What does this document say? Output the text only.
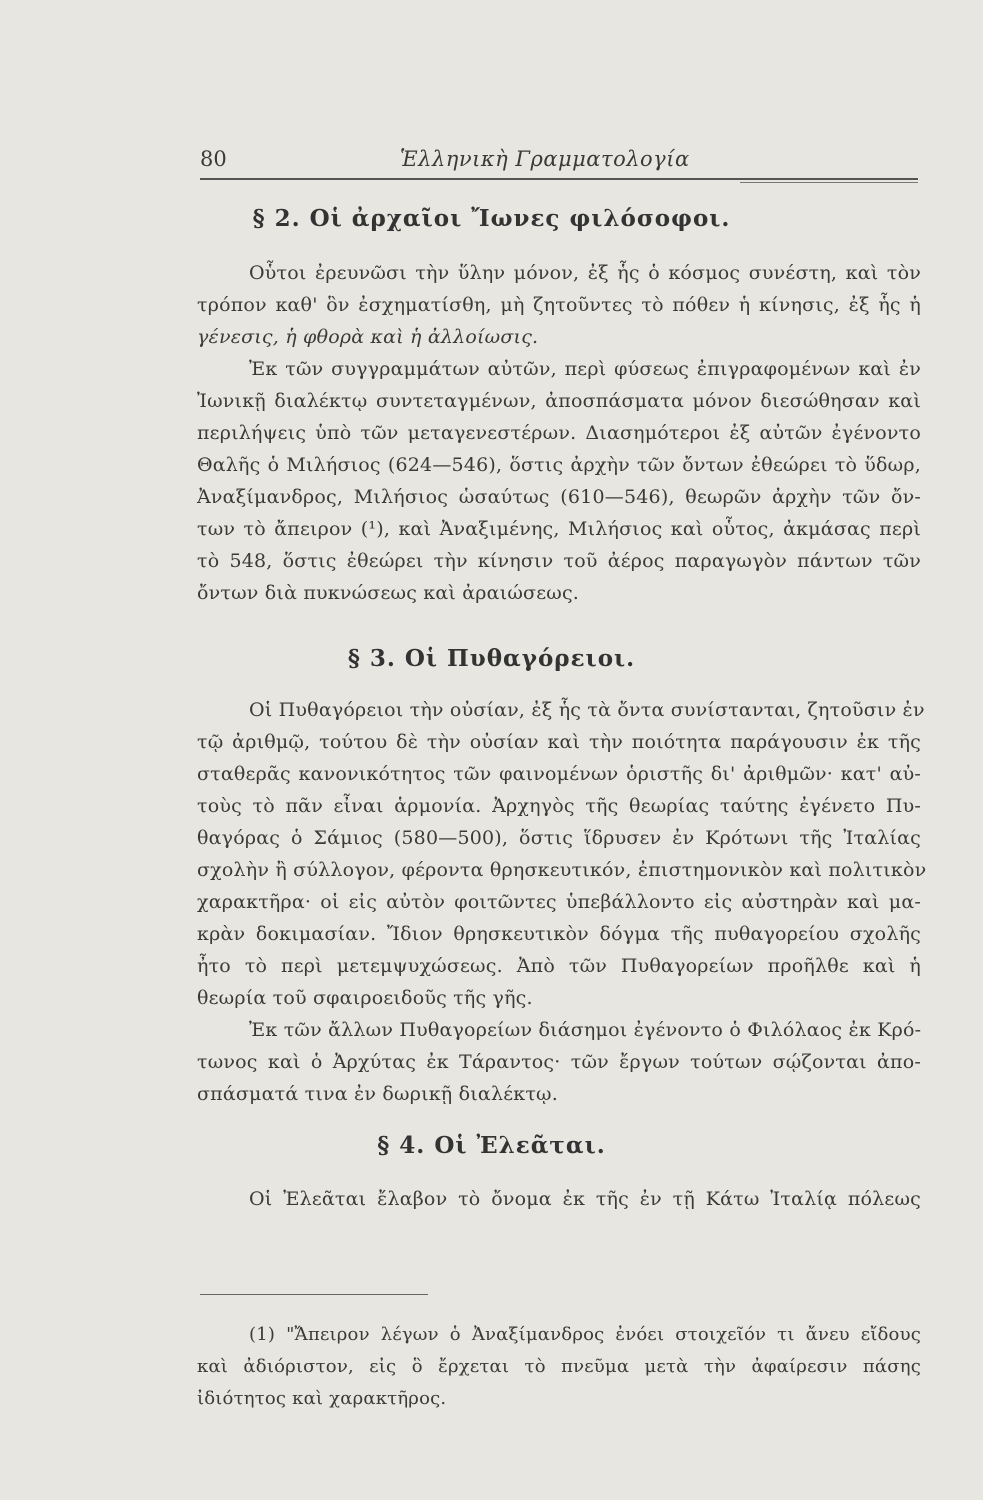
80	Ἑλληνικὴ Γραμματολογία
§ 2. Οἱ ἀρχαῖοι Ἴωνες φιλόσοφοι.
Οὗτοι ἐρευνῶσι τὴν ὕλην μόνον, ἐξ ἧς ὁ κόσμος συνέστη, καὶ τὸν
τρόπον καθ' ὃν ἐσχηματίσθη, μὴ ζητοῦντες τὸ πόθεν ἡ κίνησις, ἐξ ἧς ἡ
γένεσις, ἡ φθορὰ καὶ ἡ ἀλλοίωσις.
Ἐκ τῶν συγγραμμάτων αὐτῶν, περὶ φύσεως ἐπιγραφομένων καὶ ἐν
Ἰωνικῇ διαλέκτῳ συντεταγμένων, ἀποσπάσματα μόνον διεσώθησαν καὶ
περιλήψεις ὑπὸ τῶν μεταγενεστέρων. Διασημότεροι ἐξ αὐτῶν ἐγένοντο
Θαλῆς ὁ Μιλήσιος (624—546), ὅστις ἀρχὴν τῶν ὄντων ἐθεώρει τὸ ὕδωρ,
Ἀναξίμανδρος, Μιλήσιος ὡσαύτως (610—546), θεωρῶν ἀρχὴν τῶν ὄν-
των τὸ ἄπειρον (¹), καὶ Ἀναξιμένης, Μιλήσιος καὶ οὗτος, ἀκμάσας περὶ
τὸ 548, ὅστις ἐθεώρει τὴν κίνησιν τοῦ ἀέρος παραγωγὸν πάντων τῶν
ὄντων διὰ πυκνώσεως καὶ ἀραιώσεως.
§ 3. Οἱ Πυθαγόρειοι.
Οἱ Πυθαγόρειοι τὴν οὐσίαν, ἐξ ἧς τὰ ὄντα συνίστανται, ζητοῦσιν ἐν
τῷ ἀριθμῷ, τούτου δὲ τὴν οὐσίαν καὶ τὴν ποιότητα παράγουσιν ἐκ τῆς
σταθερᾶς κανονικότητος τῶν φαινομένων ὁριστῆς δι' ἀριθμῶν· κατ' αὐ-
τοὺς τὸ πᾶν εἶναι ἁρμονία. Ἀρχηγὸς τῆς θεωρίας ταύτης ἐγένετο Πυ-
θαγόρας ὁ Σάμιος (580—500), ὅστις ἵδρυσεν ἐν Κρότωνι τῆς Ἰταλίας
σχολὴν ἢ σύλλογον, φέροντα θρησκευτικόν, ἐπιστημονικὸν καὶ πολιτικὸν
χαρακτῆρα· οἱ εἰς αὐτὸν φοιτῶντες ὑπεβάλλοντο εἰς αὐστηρὰν καὶ μα-
κρὰν δοκιμασίαν. Ἴδιον θρησκευτικὸν δόγμα τῆς πυθαγορείου σχολῆς
ἦτο τὸ περὶ μετεμψυχώσεως. Ἀπὸ τῶν Πυθαγορείων προῆλθε καὶ ἡ
θεωρία τοῦ σφαιροειδοῦς τῆς γῆς.
Ἐκ τῶν ἄλλων Πυθαγορείων διάσημοι ἐγένοντο ὁ Φιλόλαος ἐκ Κρό-
τωνος καὶ ὁ Ἀρχύτας ἐκ Τάραντος· τῶν ἔργων τούτων σῴζονται ἀπο-
σπάσματά τινα ἐν δωρικῇ διαλέκτῳ.
§ 4. Οἱ Ἐλεᾶται.
Οἱ Ἐλεᾶται ἔλαβον τὸ ὄνομα ἐκ τῆς ἐν τῇ Κάτω Ἰταλίᾳ πόλεως
(1) "Ἄπειρον λέγων ὁ Ἀναξίμανδρος ἐνόει στοιχεῖόν τι ἄνευ εἴδους
καὶ ἀδιόριστον, εἰς ὃ ἔρχεται τὸ πνεῦμα μετὰ τὴν ἀφαίρεσιν πάσης
ἰδιότητος καὶ χαρακτῆρος.
